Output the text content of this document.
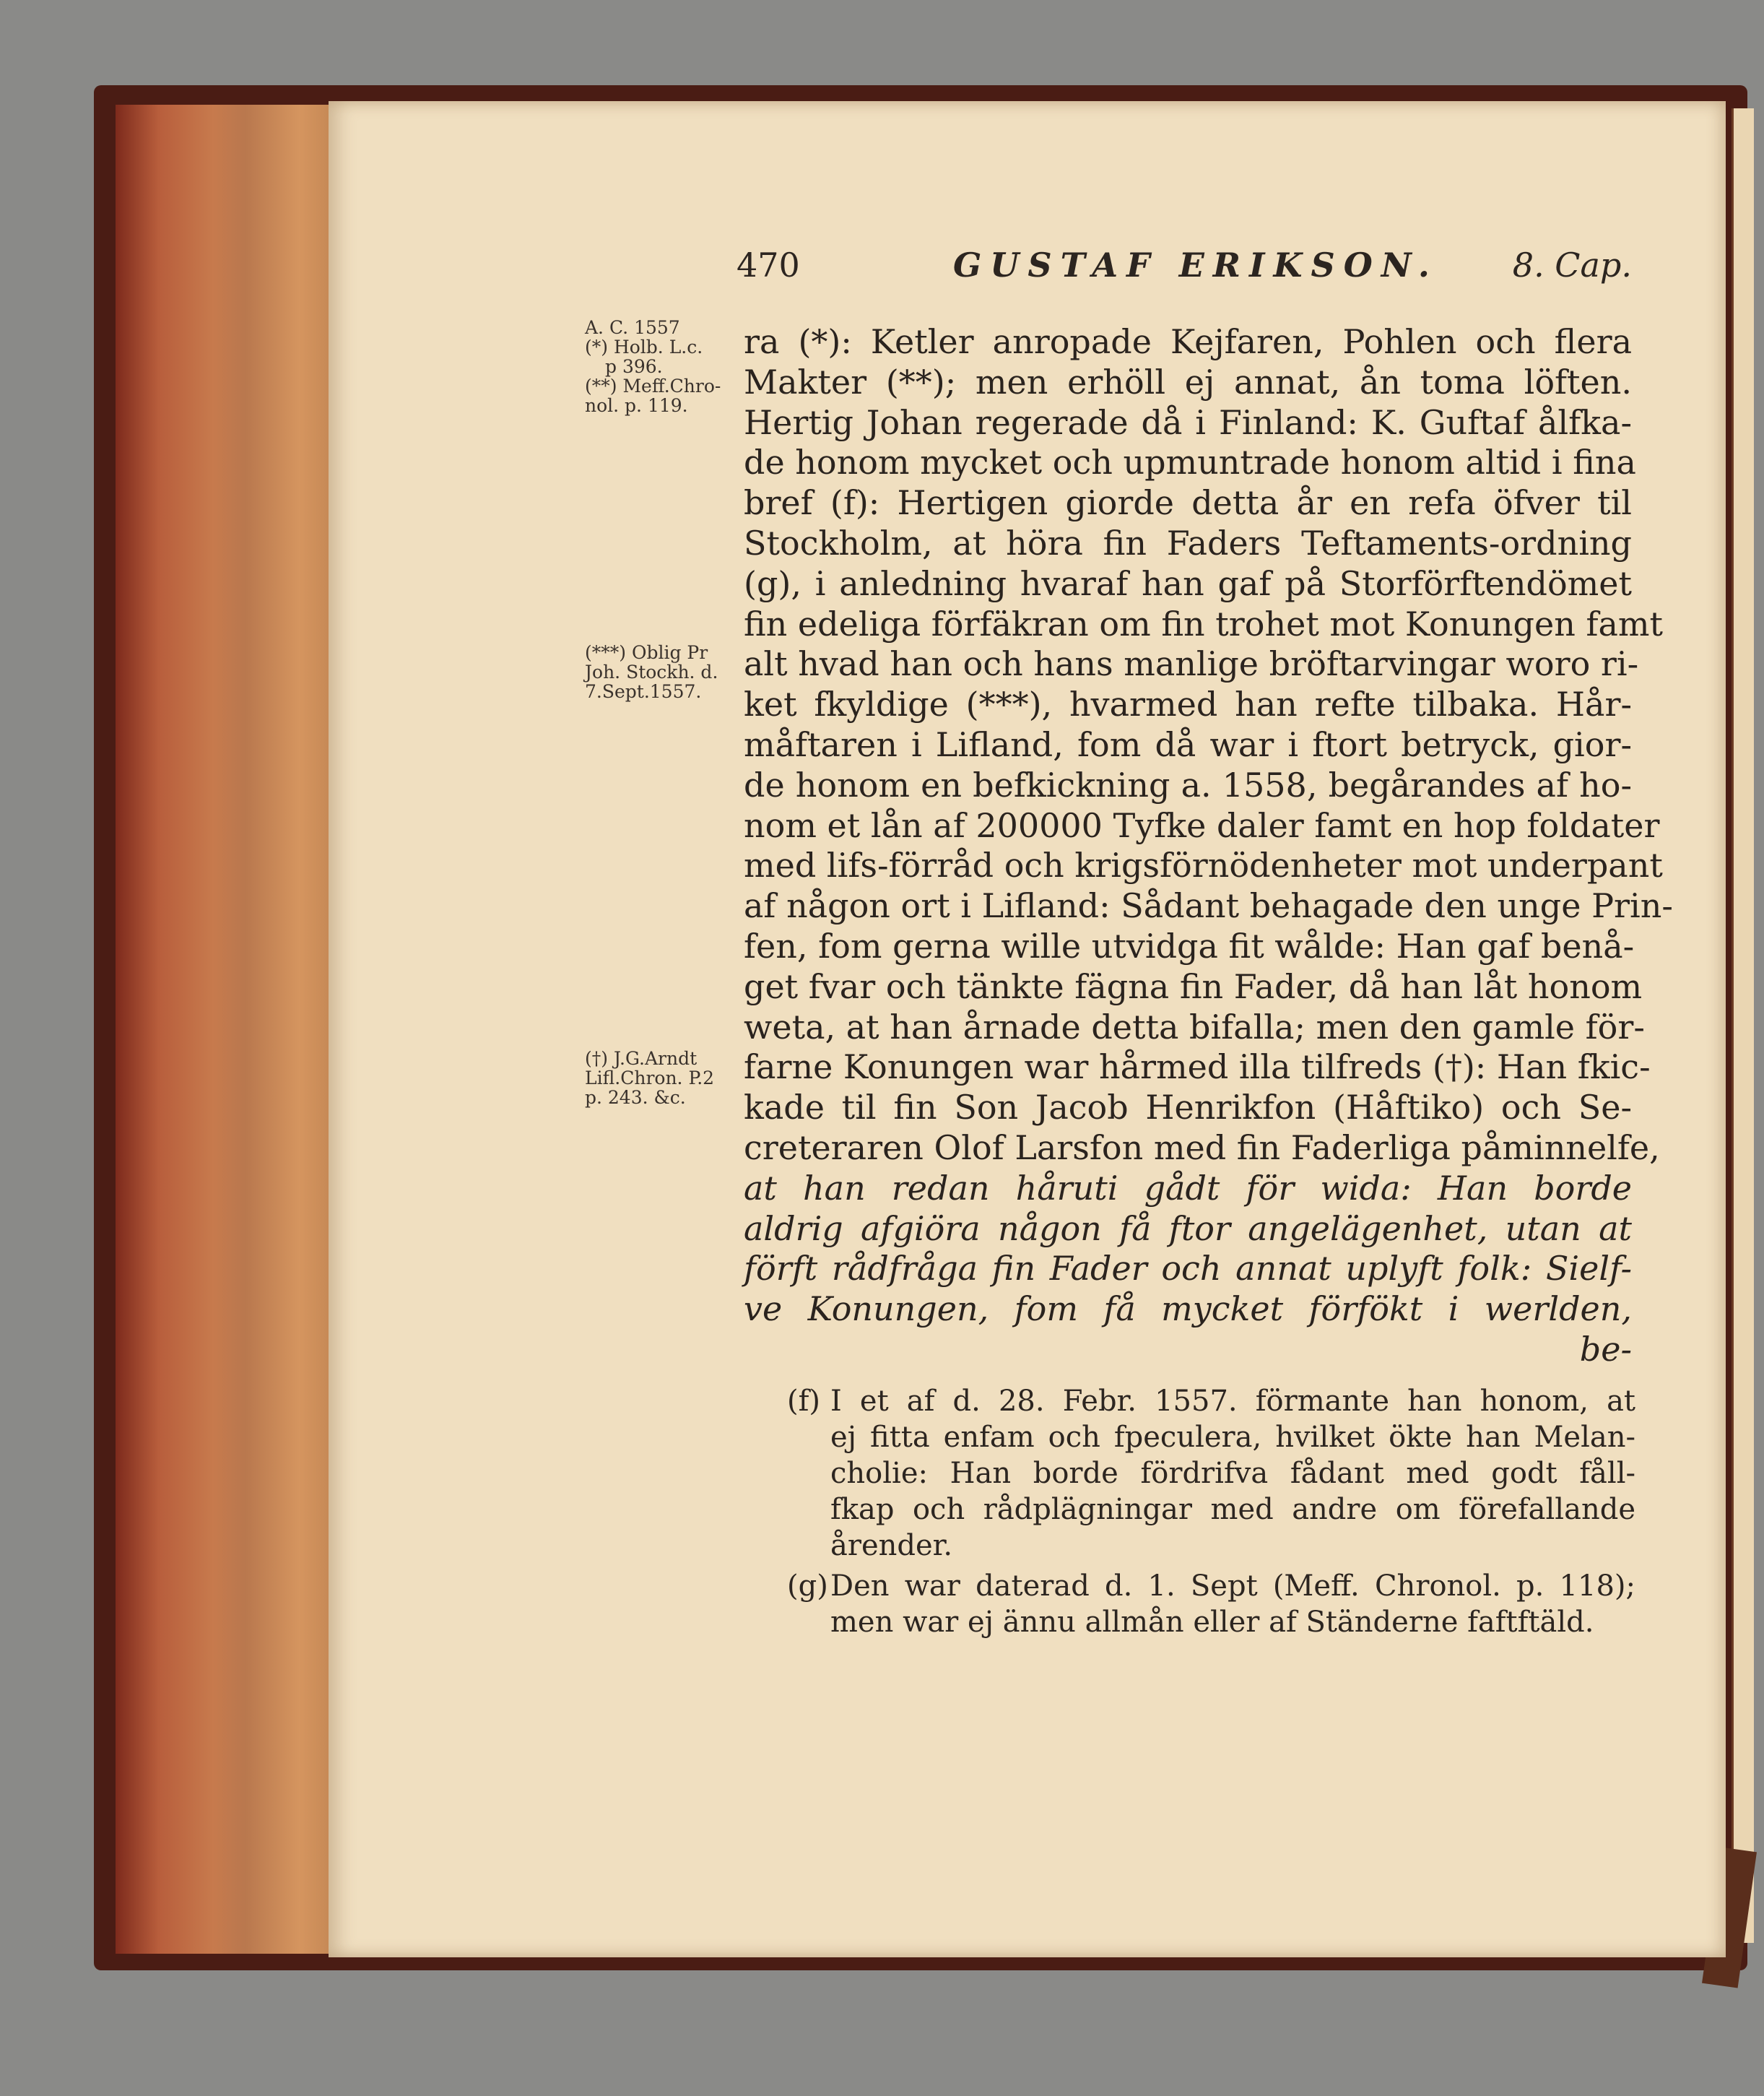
470	GUSTAF ERIKSON. 8. Cap.
A. C. 1557
(*) Holb. L.c.
p 396.
(**) Meff.Chro-
nol. p. 119.
(***) Oblig Pr
Joh. Stockh. d.
7.Sept.1557.
(†) J.G.Arndt
Lifl.Chron. P.2
p. 243. &c.
ra (*): Ketler anropade Kejfaren, Pohlen och flera
Makter (**); men erhöll ej annat, ån toma löften.
Hertig Johan regerade då i Finland: K. Guftaf ålfka-
de honom mycket och upmuntrade honom altid i fina
bref (f): Hertigen giorde detta år en refa öfver til
Stockholm, at höra fin Faders Teftaments-ordning
(g), i anledning hvaraf han gaf på Storförftendömet
fin edeliga förfäkran om fin trohet mot Konungen famt
alt hvad han och hans manlige bröftarvingar woro ri-
ket fkyldige (***), hvarmed han refte tilbaka. Hår-
måftaren i Lifland, fom då war i ftort betryck, gior-
de honom en befkickning a. 1558, begårandes af ho-
nom et lån af 200000 Tyfke daler famt en hop foldater
med lifs-förråd och krigsförnödenheter mot underpant
af någon ort i Lifland: Sådant behagade den unge Prin-
fen, fom gerna wille utvidga fit wålde: Han gaf benå-
get fvar och tänkte fägna fin Fader, då han låt honom
weta, at han årnade detta bifalla; men den gamle för-
farne Konungen war hårmed illa tilfreds (†): Han fkic-
kade til fin Son Jacob Henrikfon (Håftiko) och Se-
creteraren Olof Larsfon med fin Faderliga påminnelfe,
at han redan håruti gådt för wida: Han borde
aldrig afgiöra någon få ftor angelägenhet, utan at
förft rådfråga fin Fader och annat uplyft folk: Sielf-
ve Konungen, fom få mycket förfökt i werlden,
be-
(f) I et af d. 28. Febr. 1557. förmante han honom, at
ej fitta enfam och fpeculera, hvilket ökte han Melan-
cholie: Han borde fördrifva fådant med godt fåll-
fkap och rådplägningar med andre om förefallande
årender.
(g) Den war daterad d. 1. Sept (Meff. Chronol. p. 118);
men war ej ännu allmån eller af Ständerne faftftäld.
